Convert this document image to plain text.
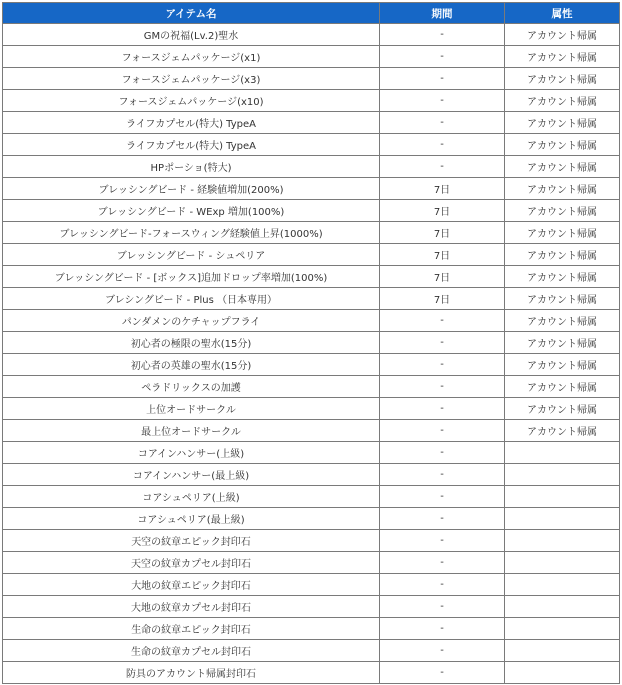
アイテム名	期間	属性
GMの祝福(Lv.2)聖水	-	アカウント帰属
フォースジェムパッケージ(x1)	-	アカウント帰属
フォースジェムパッケージ(x3)	-	アカウント帰属
フォースジェムパッケージ(x10)	-	アカウント帰属
ライフカプセル(特大) TypeA	-	アカウント帰属
ライフカプセル(特大) TypeA	-	アカウント帰属
HPポーショ(特大)	-	アカウント帰属
ブレッシングビード - 経験値増加(200%)	7日	アカウント帰属
ブレッシングビード - WExp 増加(100%)	7日	アカウント帰属
ブレッシングビード-フォースウィング経験値上昇(1000%)	7日	アカウント帰属
ブレッシングビード - シュペリア	7日	アカウント帰属
ブレッシングビード - [ボックス]追加ドロップ率増加(100%)	7日	アカウント帰属
ブレシングビード - Plus （日本専用）	7日	アカウント帰属
パンダメンのケチャップフライ	-	アカウント帰属
初心者の極限の聖水(15分)	-	アカウント帰属
初心者の英雄の聖水(15分)	-	アカウント帰属
ペラドリックスの加護	-	アカウント帰属
上位オードサークル	-	アカウント帰属
最上位オードサークル	-	アカウント帰属
コアインハンサー(上級)	-	
コアインハンサー(最上級)	-	
コアシュペリア(上級)	-	
コアシュペリア(最上級)	-	
天空の紋章エピック封印石	-	
天空の紋章カプセル封印石	-	
大地の紋章エピック封印石	-	
大地の紋章カプセル封印石	-	
生命の紋章エピック封印石	-	
生命の紋章カプセル封印石	-	
防具のアカウント帰属封印石	-	
